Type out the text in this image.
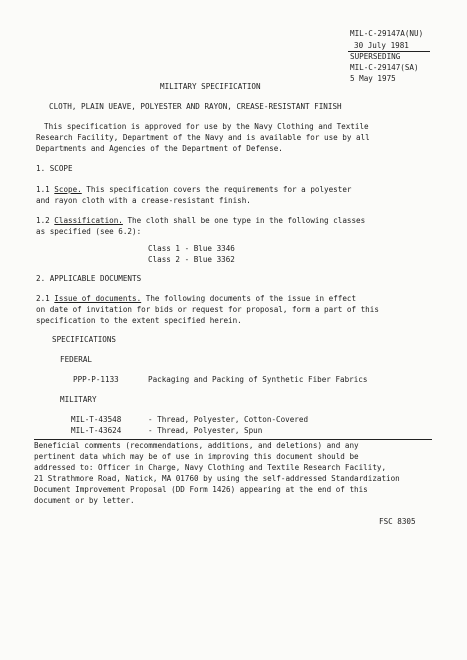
MIL-C-29147A(NU)
30 July 1981
SUPERSEDING
MIL-C-29147(SA)
5 May 1975
MILITARY SPECIFICATION
CLOTH, PLAIN UEAVE, POLYESTER AND RAYON, CREASE-RESISTANT FINISH
This specification is approved for use by the Navy Clothing and Textile
Research Facility, Department of the Navy and is available for use by all
Departments and Agencies of the Department of Defense.
1. SCOPE
1.1 Scope. This specification covers the requirements for a polyester
and rayon cloth with a crease-resistant finish.
1.2 Classification. The cloth shall be one type in the following classes
as specified (see 6.2):
Class 1 - Blue 3346
Class 2 - Blue 3362
2. APPLICABLE DOCUMENTS
2.1 Issue of documents. The following documents of the issue in effect
on date of invitation for bids or request for proposal, form a part of this
specification to the extent specified herein.
SPECIFICATIONS
FEDERAL
PPP-P-1133	Packaging and Packing of Synthetic Fiber Fabrics
MILITARY
MIL-T-43548	- Thread, Polyester, Cotton-Covered
MIL-T-43624	- Thread, Polyester, Spun
Beneficial comments (recommendations, additions, and deletions) and any
pertinent data which may be of use in improving this document should be
addressed to: Officer in Charge, Navy Clothing and Textile Research Facility,
21 Strathmore Road, Natick, MA 01760 by using the self-addressed Standardization
Document Improvement Proposal (DD Form 1426) appearing at the end of this
document or by letter.
FSC 8305
